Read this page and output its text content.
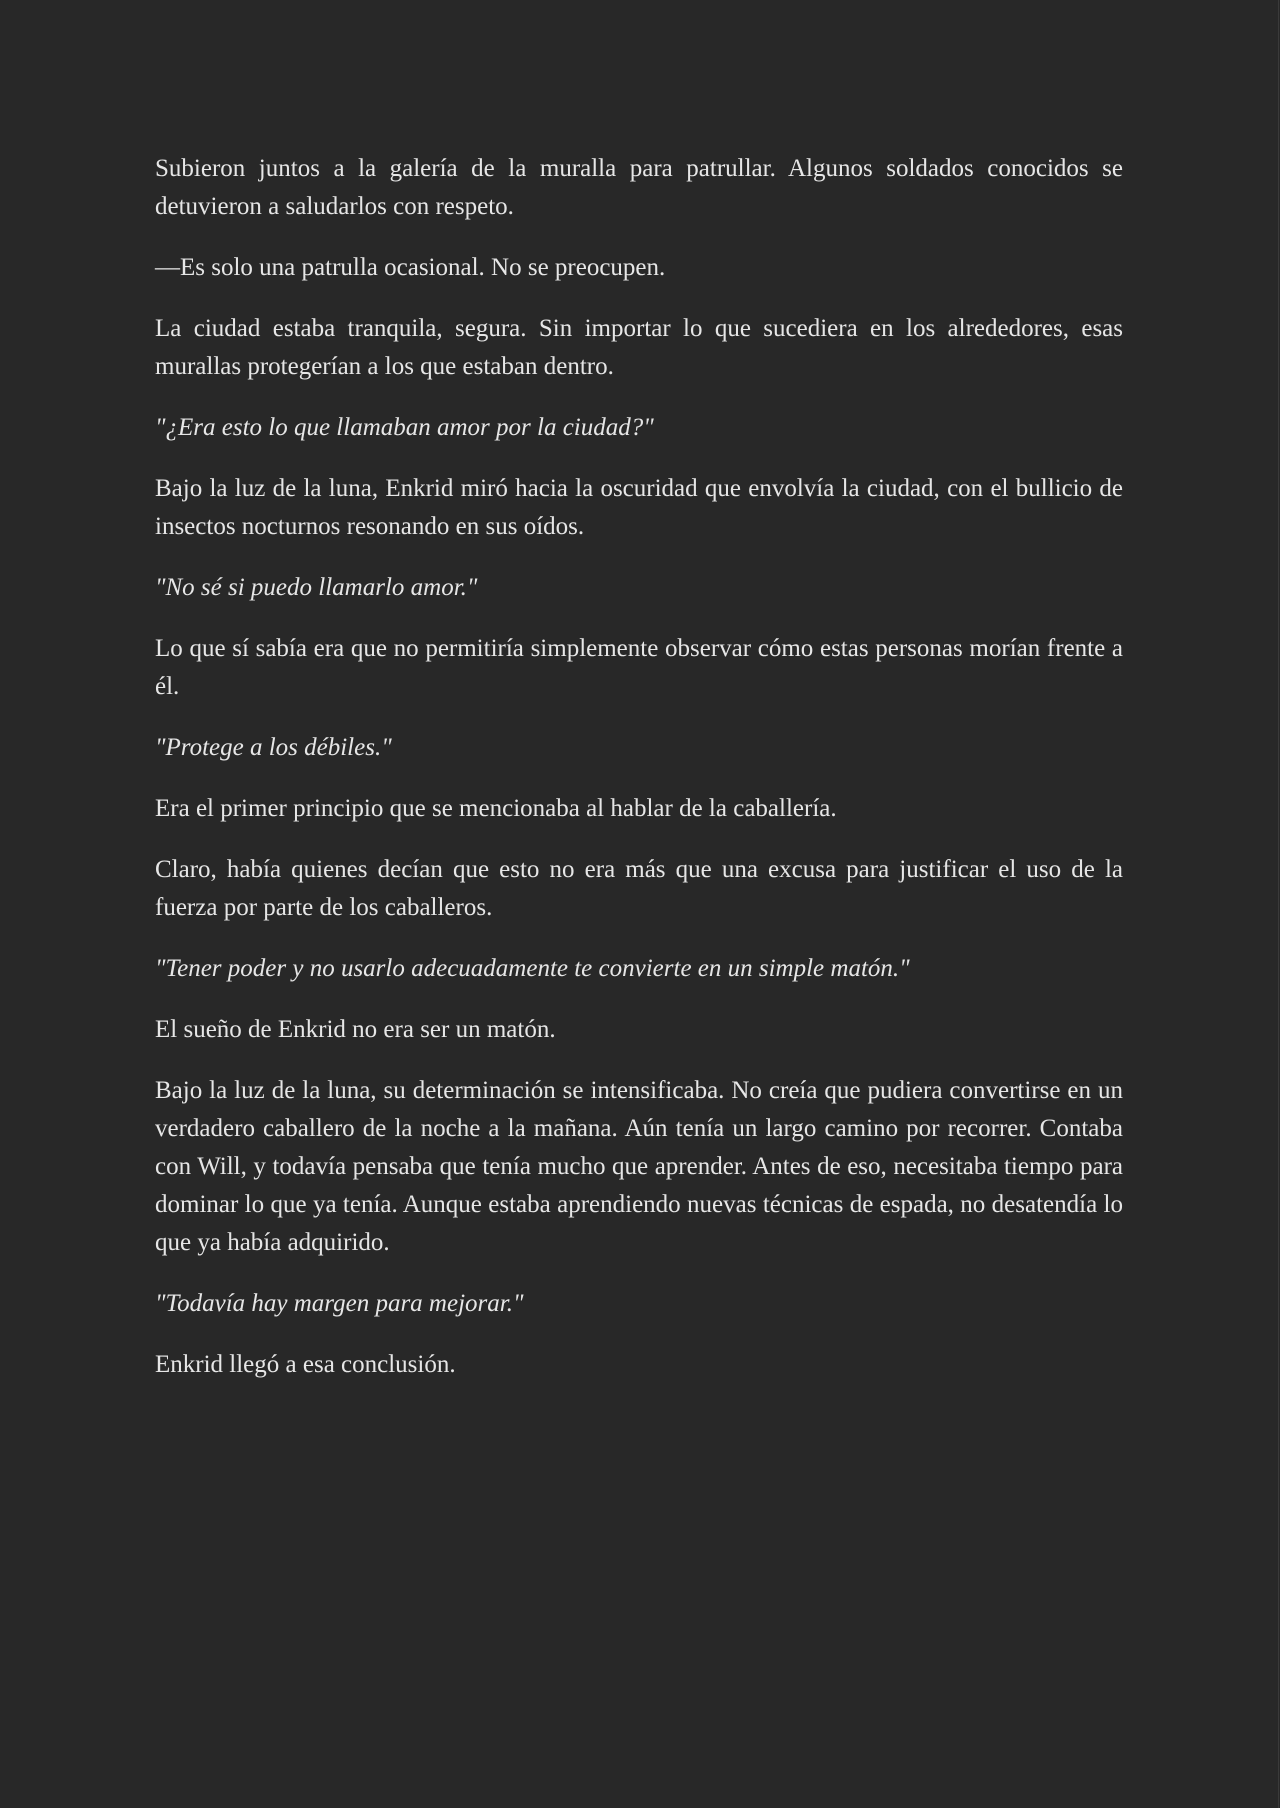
Subieron juntos a la galería de la muralla para patrullar. Algunos soldados conocidos se detuvieron a saludarlos con respeto.

—Es solo una patrulla ocasional. No se preocupen.

La ciudad estaba tranquila, segura. Sin importar lo que sucediera en los alrededores, esas murallas protegerían a los que estaban dentro.

"¿Era esto lo que llamaban amor por la ciudad?"

Bajo la luz de la luna, Enkrid miró hacia la oscuridad que envolvía la ciudad, con el bullicio de insectos nocturnos resonando en sus oídos.

"No sé si puedo llamarlo amor."

Lo que sí sabía era que no permitiría simplemente observar cómo estas personas morían frente a él.

"Protege a los débiles."

Era el primer principio que se mencionaba al hablar de la caballería.

Claro, había quienes decían que esto no era más que una excusa para justificar el uso de la fuerza por parte de los caballeros.

"Tener poder y no usarlo adecuadamente te convierte en un simple matón."

El sueño de Enkrid no era ser un matón.

Bajo la luz de la luna, su determinación se intensificaba. No creía que pudiera convertirse en un verdadero caballero de la noche a la mañana. Aún tenía un largo camino por recorrer. Contaba con Will, y todavía pensaba que tenía mucho que aprender. Antes de eso, necesitaba tiempo para dominar lo que ya tenía. Aunque estaba aprendiendo nuevas técnicas de espada, no desatendía lo que ya había adquirido.

"Todavía hay margen para mejorar."

Enkrid llegó a esa conclusión.
